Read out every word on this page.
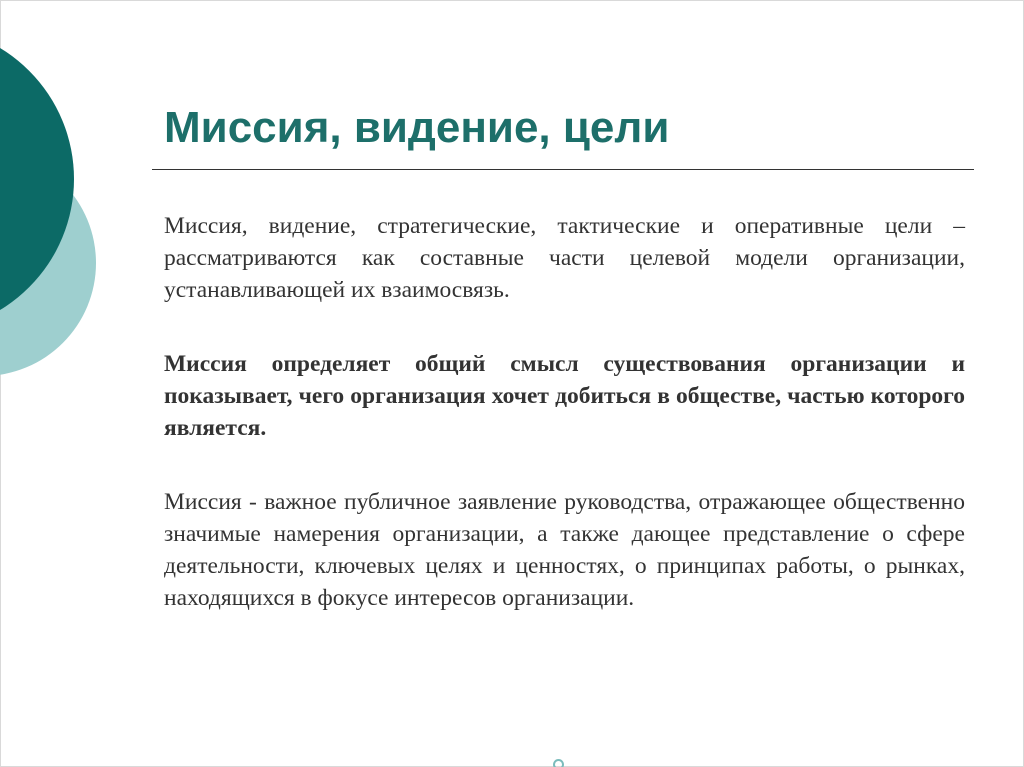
Миссия, видение, цели

Миссия, видение, стратегические, тактические и оперативные цели – рассматриваются как составные части целевой модели организации, устанавливающей их взаимосвязь.

Миссия определяет общий смысл существования организации и показывает, чего организация хочет добиться в обществе, частью которого является.

Миссия - важное публичное заявление руководства, отражающее общественно значимые намерения организации, а также дающее представление о сфере деятельности, ключевых целях и ценностях, о принципах работы, о рынках, находящихся в фокусе интересов организации.
